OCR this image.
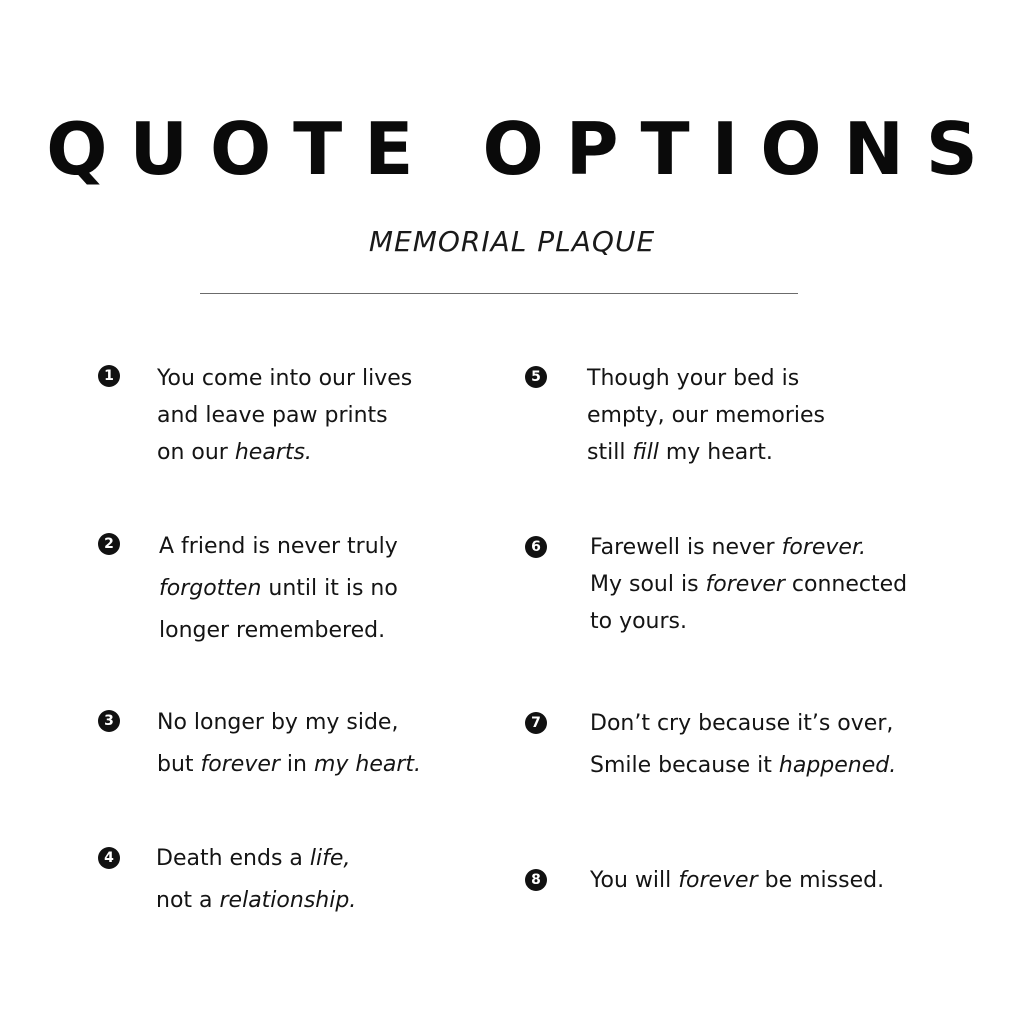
QUOTE OPTIONS
MEMORIAL PLAQUE
1 You come into our lives
and leave paw prints
on our hearts.
2 A friend is never truly
forgotten until it is no
longer remembered.
3 No longer by my side,
but forever in my heart.
4 Death ends a life,
not a relationship.
5 Though your bed is
empty, our memories
still fill my heart.
6 Farewell is never forever.
My soul is forever connected
to yours.
7 Don’t cry because it’s over,
Smile because it happened.
8 You will forever be missed.
